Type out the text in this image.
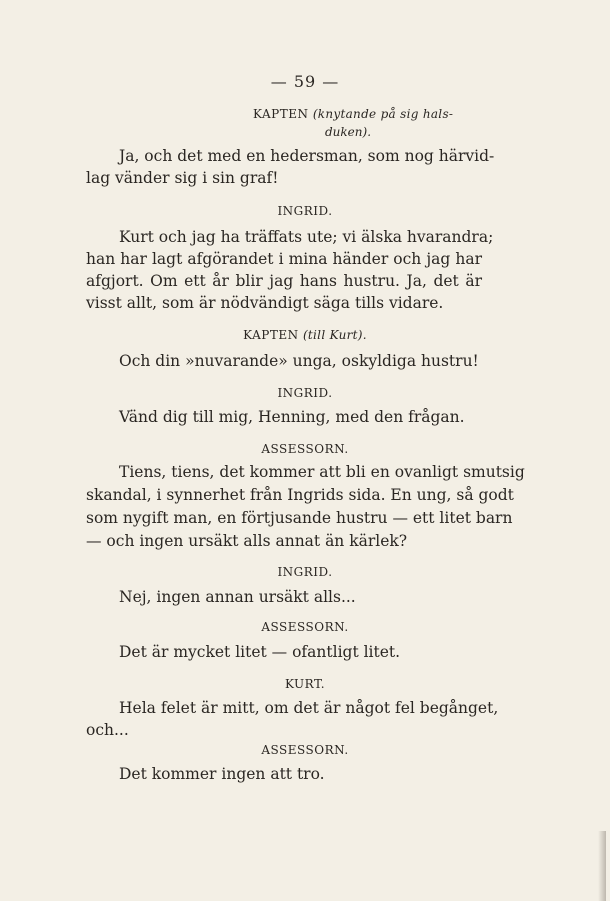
— 59 —
KAPTEN (knytande på sig hals-
duken).
Ja, och det med en hedersman, som nog härvid-
lag vänder sig i sin graf!
INGRID.
Kurt och jag ha träffats ute; vi älska hvarandra;
han har lagt afgörandet i mina händer och jag har
afgjort. Om ett år blir jag hans hustru. Ja, det är
visst allt, som är nödvändigt säga tills vidare.
KAPTEN (till Kurt).
Och din »nuvarande» unga, oskyldiga hustru!
INGRID.
Vänd dig till mig, Henning, med den frågan.
ASSESSORN.
Tiens, tiens, det kommer att bli en ovanligt smutsig
skandal, i synnerhet från Ingrids sida. En ung, så godt
som nygift man, en förtjusande hustru — ett litet barn
— och ingen ursäkt alls annat än kärlek?
INGRID.
Nej, ingen annan ursäkt alls...
ASSESSORN.
Det är mycket litet — ofantligt litet.
KURT.
Hela felet är mitt, om det är något fel begånget,
och...
ASSESSORN.
Det kommer ingen att tro.
